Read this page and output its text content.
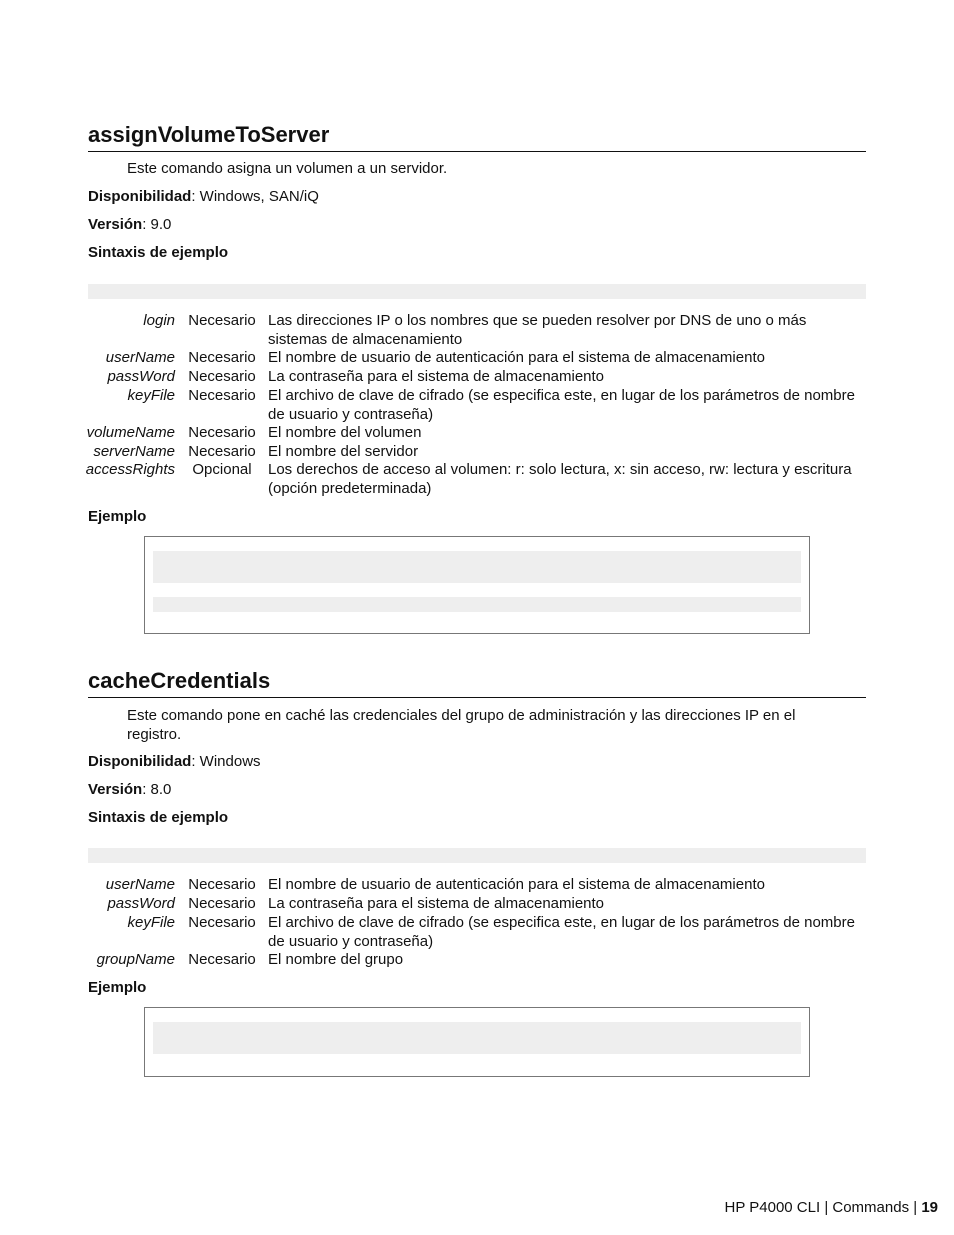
assignVolumeToServer
Este comando asigna un volumen a un servidor.
Disponibilidad: Windows, SAN/iQ
Versión: 9.0
Sintaxis de ejemplo
login Necesario Las direcciones IP o los nombres que se pueden resolver por DNS de uno o más sistemas de almacenamiento
userName Necesario El nombre de usuario de autenticación para el sistema de almacenamiento
passWord Necesario La contraseña para el sistema de almacenamiento
keyFile Necesario El archivo de clave de cifrado (se especifica este, en lugar de los parámetros de nombre de usuario y contraseña)
volumeName Necesario El nombre del volumen
serverName Necesario El nombre del servidor
accessRights	Opcional	Los derechos de acceso al volumen: r: solo lectura, x: sin acceso, rw: lectura y escritura (opción predeterminada)
Ejemplo
cacheCredentials
Este comando pone en caché las credenciales del grupo de administración y las direcciones IP en el registro.
Disponibilidad: Windows
Versión: 8.0
Sintaxis de ejemplo
userName Necesario El nombre de usuario de autenticación para el sistema de almacenamiento
passWord Necesario La contraseña para el sistema de almacenamiento
keyFile Necesario El archivo de clave de cifrado (se especifica este, en lugar de los parámetros de nombre de usuario y contraseña)
groupName Necesario El nombre del grupo
Ejemplo
HP P4000 CLI | Commands | 19
